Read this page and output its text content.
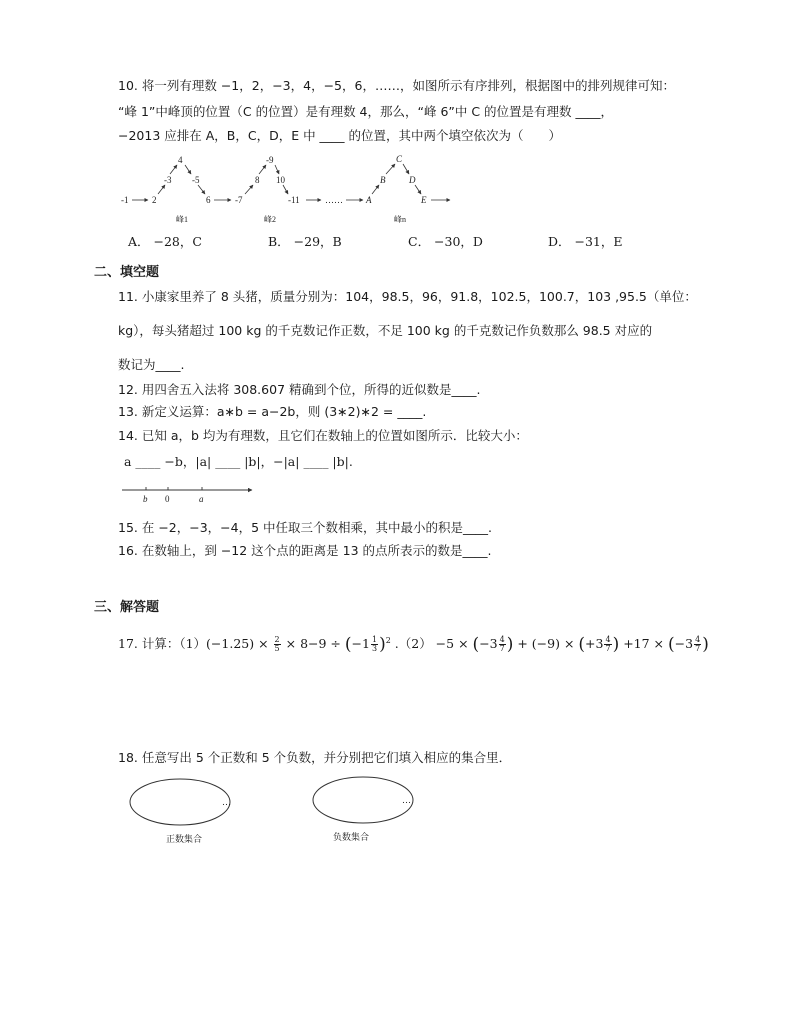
10. 将一列有理数 −1，2，−3，4，−5，6，……，如图所示有序排列，根据图中的排列规律可知：
“峰 1”中峰顶的位置（C 的位置）是有理数 4，那么，“峰 6”中 C 的位置是有理数 ____，
−2013 应排在 A，B，C，D，E 中 ____ 的位置，其中两个填空依次为（　　）
-1	2
-3
4
-5
6	-7
8
-9
10
-11	……	A
B
C
D
E
峰1	峰2	峰n
A． −28，C	B． −29，B	C． −30，D	D． −31，E
二、填空题
11. 小康家里养了 8 头猪，质量分别为：104，98.5，96，91.8，102.5，100.7，103 ,95.5（单位：
kg），每头猪超过 100 kg 的千克数记作正数，不足 100 kg 的千克数记作负数那么 98.5 对应的
数记为____.
12. 用四舍五入法将 308.607 精确到个位，所得的近似数是____.
13. 新定义运算：a∗b = a−2b，则 (3∗2)∗2 = ____.
14. 已知 a，b 均为有理数，且它们在数轴上的位置如图所示．比较大小：
a ____ −b，|a| ____ |b|，−|a| ____ |b|.
b 0	a
15. 在 −2，−3，−4，5 中任取三个数相乘，其中最小的积是____.
16. 在数轴上，到 −12 这个点的距离是 13 的点所表示的数是____.
三、解答题
17. 计算：$(1)(-1.25) \times \frac{2}{5} \times 8-9 \div (-1 \frac{1}{3} )^2$ $.(2) -5 \times (-3 \frac{4}{7}$ ) + $(-9) \times (+3 \frac{4}{7}$ ) $+17 \times (-3 \frac{4}{7}$ )
18. 任意写出 5 个正数和 5 个负数，并分别把它们填入相应的集合里．
…	…
正数集合	负数集合
